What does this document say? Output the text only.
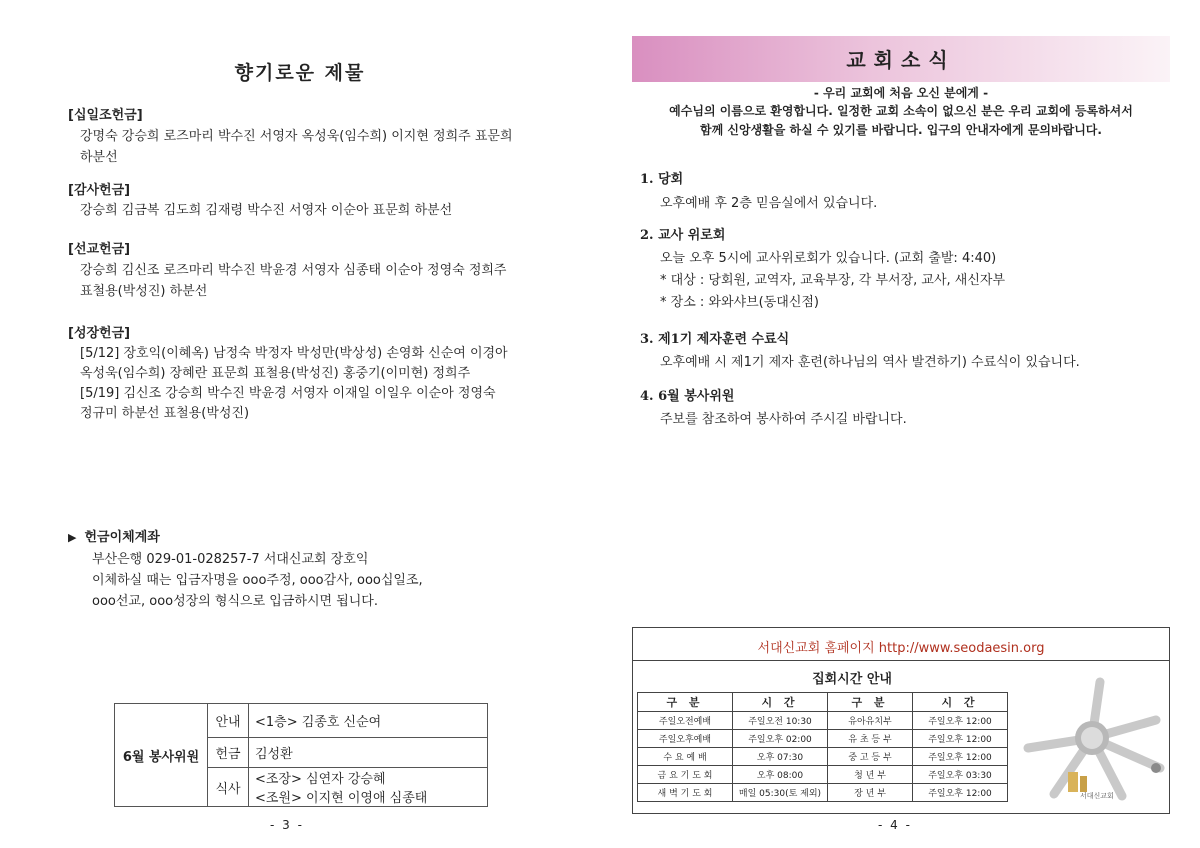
향기로운 제물
[십일조헌금]
강명숙 강승희 로즈마리 박수진 서영자 옥성욱(임수희) 이지현 정희주 표문희
하분선
[감사헌금]
강승희 김금복 김도희 김재령 박수진 서영자 이순아 표문희 하분선
[선교헌금]
강승희 김신조 로즈마리 박수진 박윤경 서영자 심종태 이순아 정영숙 정희주
표철용(박성진) 하분선
[성장헌금]
[5/12] 장호익(이혜옥) 남정숙 박정자 박성만(박상성) 손영화 신순여 이경아
옥성욱(임수희) 장혜란 표문희 표철용(박성진) 홍중기(이미현) 정희주
[5/19] 김신조 강승희 박수진 박윤경 서영자 이재일 이일우 이순아 정영숙
정규미 하분선 표철용(박성진)
▶ 헌금이체계좌
부산은행 029-01-028257-7 서대신교회 장호익
이체하실 때는 입금자명을 ooo주정, ooo감사, ooo십일조,
ooo선교, ooo성장의 형식으로 입금하시면 됩니다.
6월 봉사위원	안내	<1층> 김종호 신순여
	헌금	김성환
	식사	<조장> 심연자 강승혜
<조원> 이지현 이영애 심종태
- 3 -
교회소식
- 우리 교회에 처음 오신 분에게 -
예수님의 이름으로 환영합니다. 일정한 교회 소속이 없으신 분은 우리 교회에 등록하셔서
함께 신앙생활을 하실 수 있기를 바랍니다. 입구의 안내자에게 문의바랍니다.
1. 당회
오후예배 후 2층 믿음실에서 있습니다.
2. 교사 위로회
오늘 오후 5시에 교사위로회가 있습니다. (교회 출발: 4:40)
* 대상 : 당회원, 교역자, 교육부장, 각 부서장, 교사, 새신자부
* 장소 : 와와샤브(동대신점)
3. 제1기 제자훈련 수료식
오후예배 시 제1기 제자 훈련(하나님의 역사 발견하기) 수료식이 있습니다.
4. 6월 봉사위원
주보를 참조하여 봉사하여 주시길 바랍니다.
서대신교회 홈페이지 http://www.seodaesin.org
집회시간 안내
구 분	시 간	구 분	시 간
주일오전예배	주일오전 10:30	유아유치부	주일오후 12:00
주일오후예배	주일오후 02:00	유 초 등 부	주일오후 12:00
수 요 예 배	오후 07:30	중 고 등 부	주일오후 12:00
금 요 기 도 회	오후 08:00	청 년 부	주일오후 03:30
새 벽 기 도 회	매일 05:30(토 제외)	장 년 부	주일오후 12:00	서대신교회
- 4 -
